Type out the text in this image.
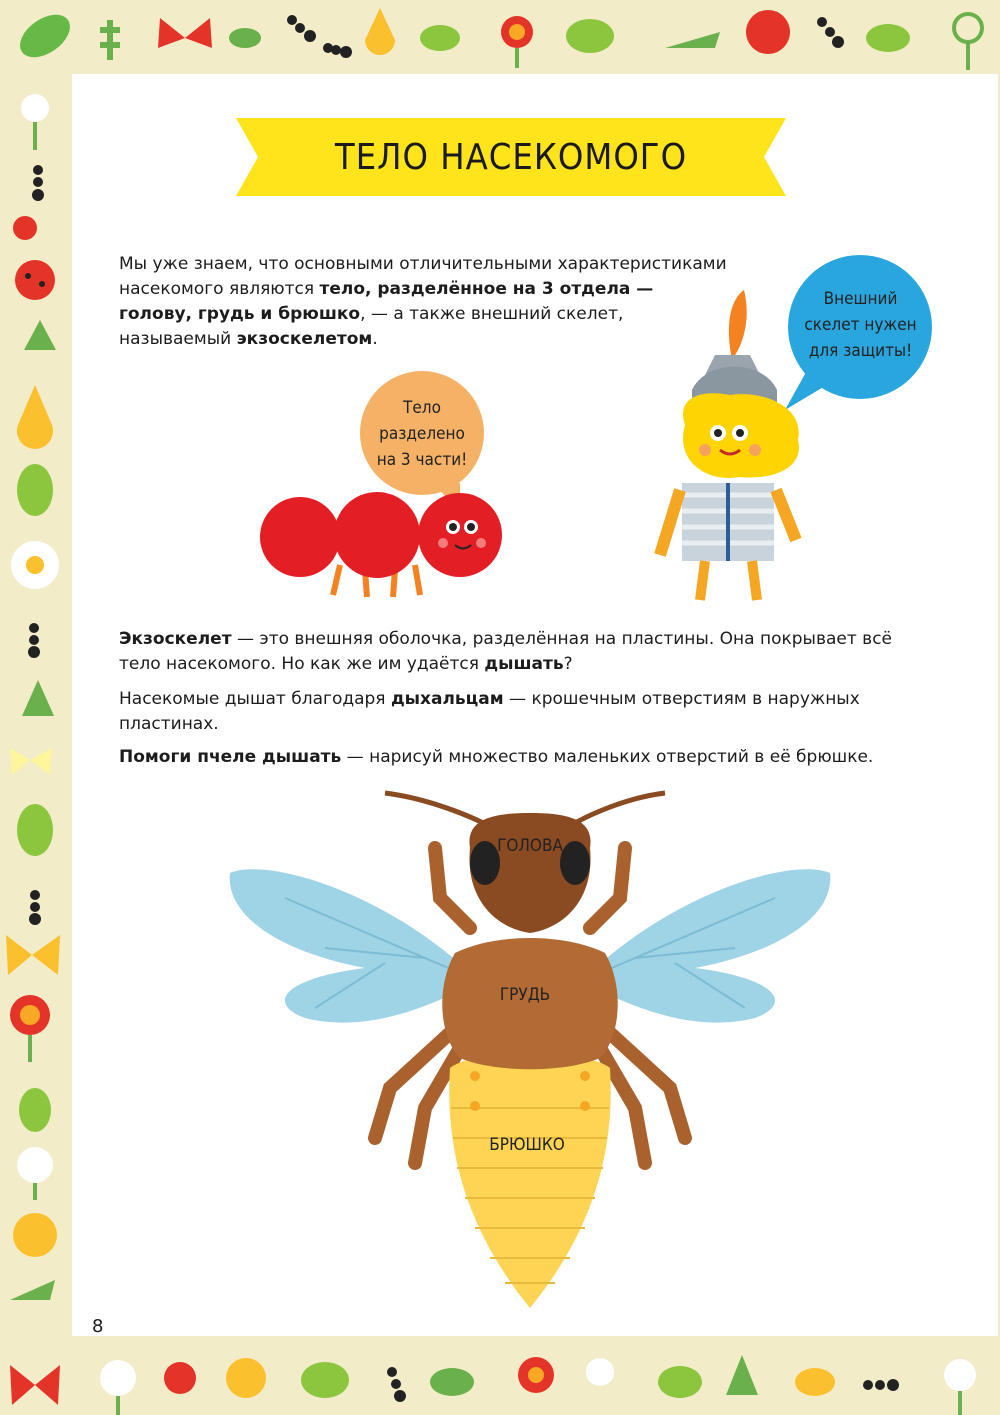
ТЕЛО НАСЕКОМОГО

Мы уже знаем, что основными отличительными характеристиками насекомого являются тело, разделённое на 3 отдела — голову, грудь и брюшко, — а также внешний скелет, называемый экзоскелетом.

Внешний
скелет нужен
для защиты!
Тело
разделено
на 3 части!

Экзоскелет — это внешняя оболочка, разделённая на пластины. Она покрывает всё тело насекомого. Но как же им удаётся дышать?

Насекомые дышат благодаря дыхальцам — крошечным отверстиям в наружных пластинах.

Помоги пчеле дышать — нарисуй множество маленьких отверстий в её брюшке.

ГОЛОВА
ГРУДЬ
БРЮШКО
8
